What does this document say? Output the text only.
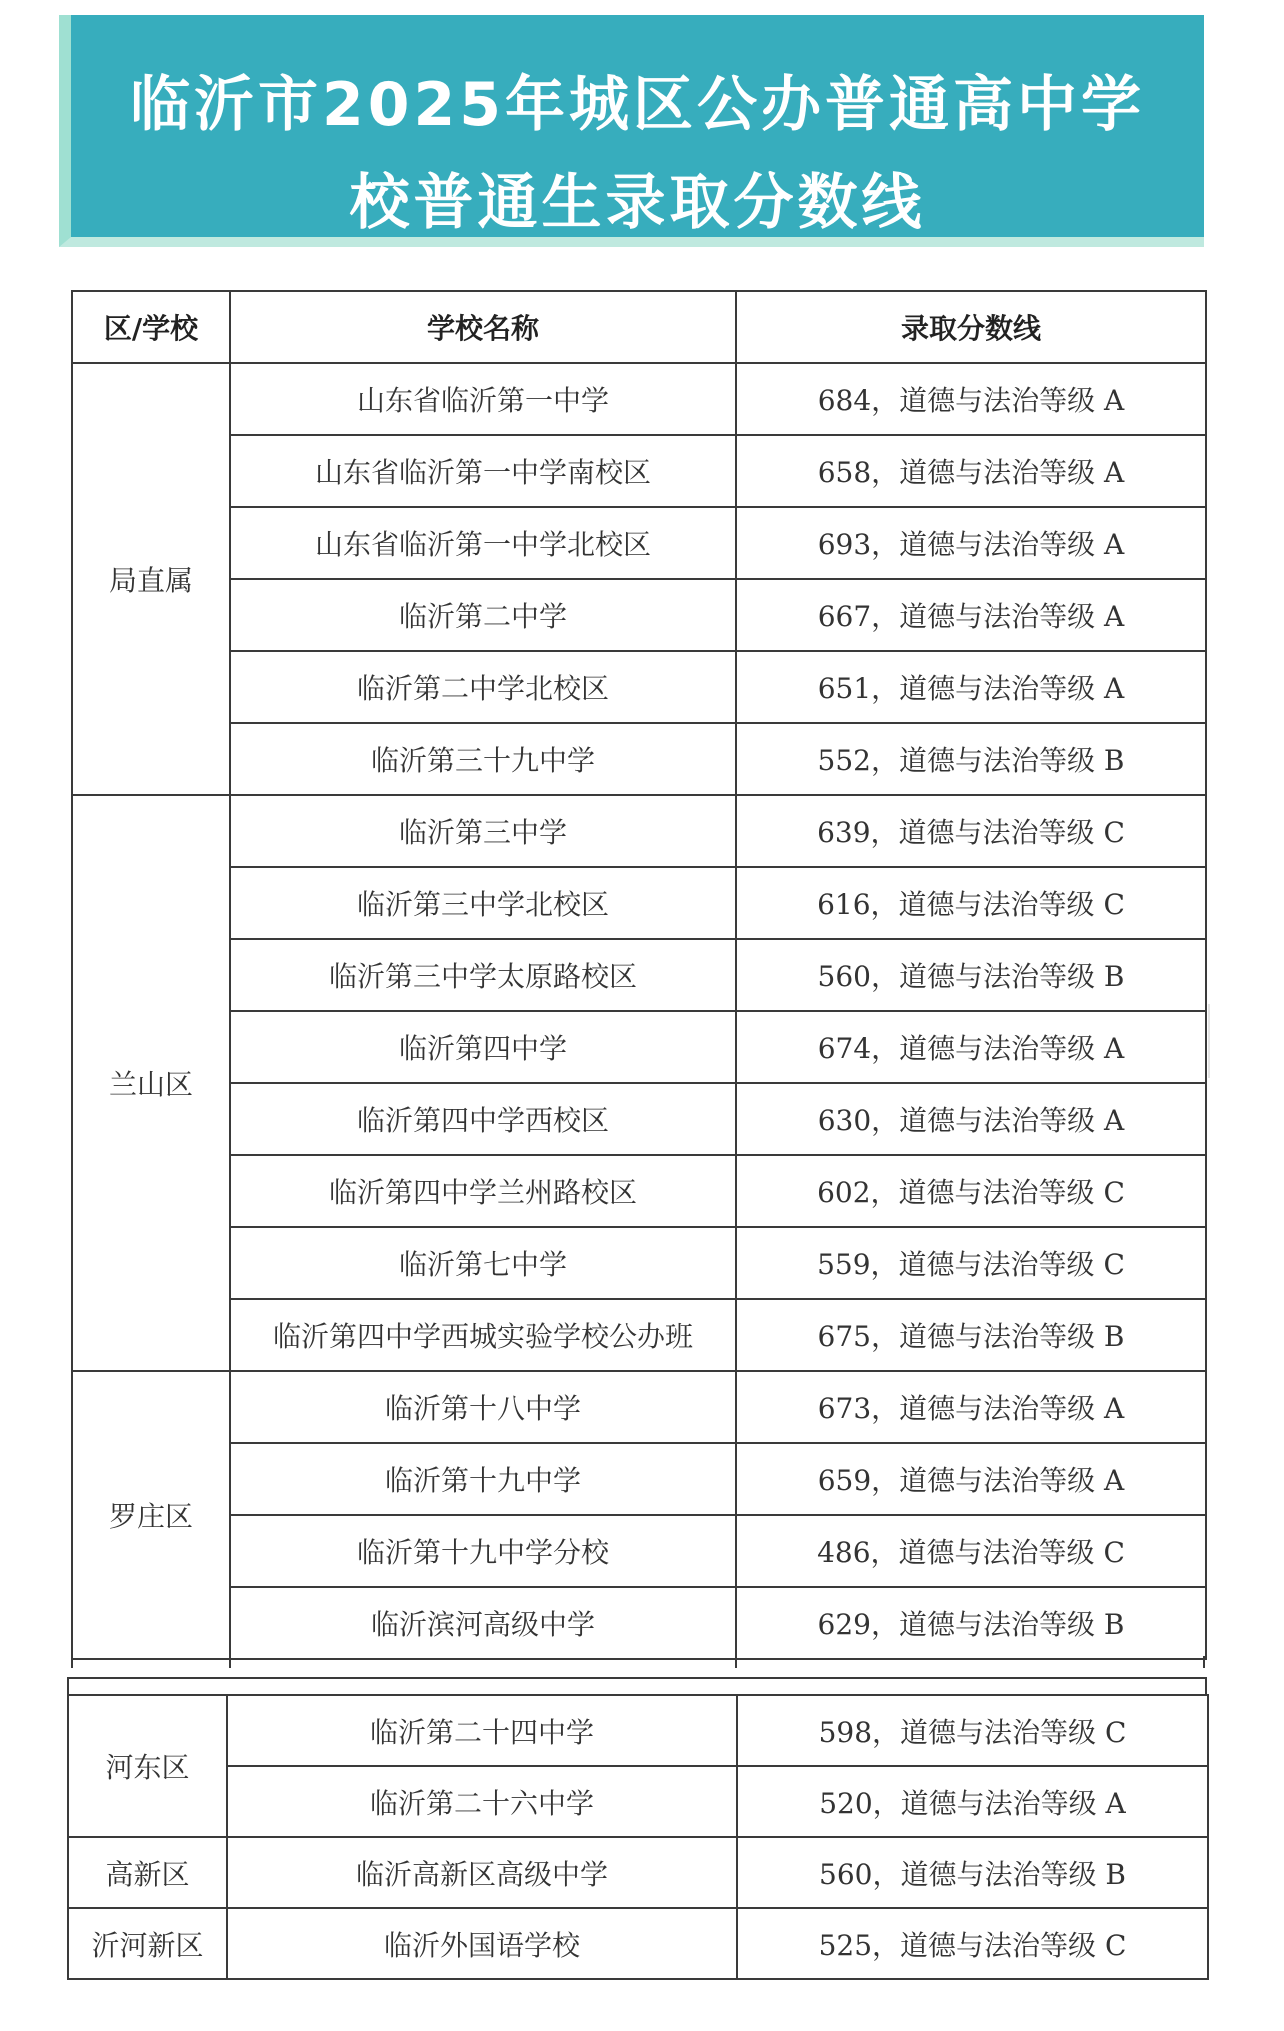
临沂市2025年城区公办普通高中学
校普通生录取分数线
区/学校	学校名称	录取分数线
局直属	山东省临沂第一中学	684，道德与法治等级 A
	山东省临沂第一中学南校区	658，道德与法治等级 A
	山东省临沂第一中学北校区	693，道德与法治等级 A
	临沂第二中学	667，道德与法治等级 A
	临沂第二中学北校区	651，道德与法治等级 A
	临沂第三十九中学	552，道德与法治等级 B
兰山区	临沂第三中学	639，道德与法治等级 C
	临沂第三中学北校区	616，道德与法治等级 C
	临沂第三中学太原路校区	560，道德与法治等级 B
	临沂第四中学	674，道德与法治等级 A
	临沂第四中学西校区	630，道德与法治等级 A
	临沂第四中学兰州路校区	602，道德与法治等级 C
	临沂第七中学	559，道德与法治等级 C
	临沂第四中学西城实验学校公办班	675，道德与法治等级 B
罗庄区	临沂第十八中学	673，道德与法治等级 A
	临沂第十九中学	659，道德与法治等级 A
	临沂第十九中学分校	486，道德与法治等级 C
	临沂滨河高级中学	629，道德与法治等级 B
河东区	临沂第二十四中学	598，道德与法治等级 C
	临沂第二十六中学	520，道德与法治等级 A
高新区	临沂高新区高级中学	560，道德与法治等级 B
沂河新区	临沂外国语学校	525，道德与法治等级 C
